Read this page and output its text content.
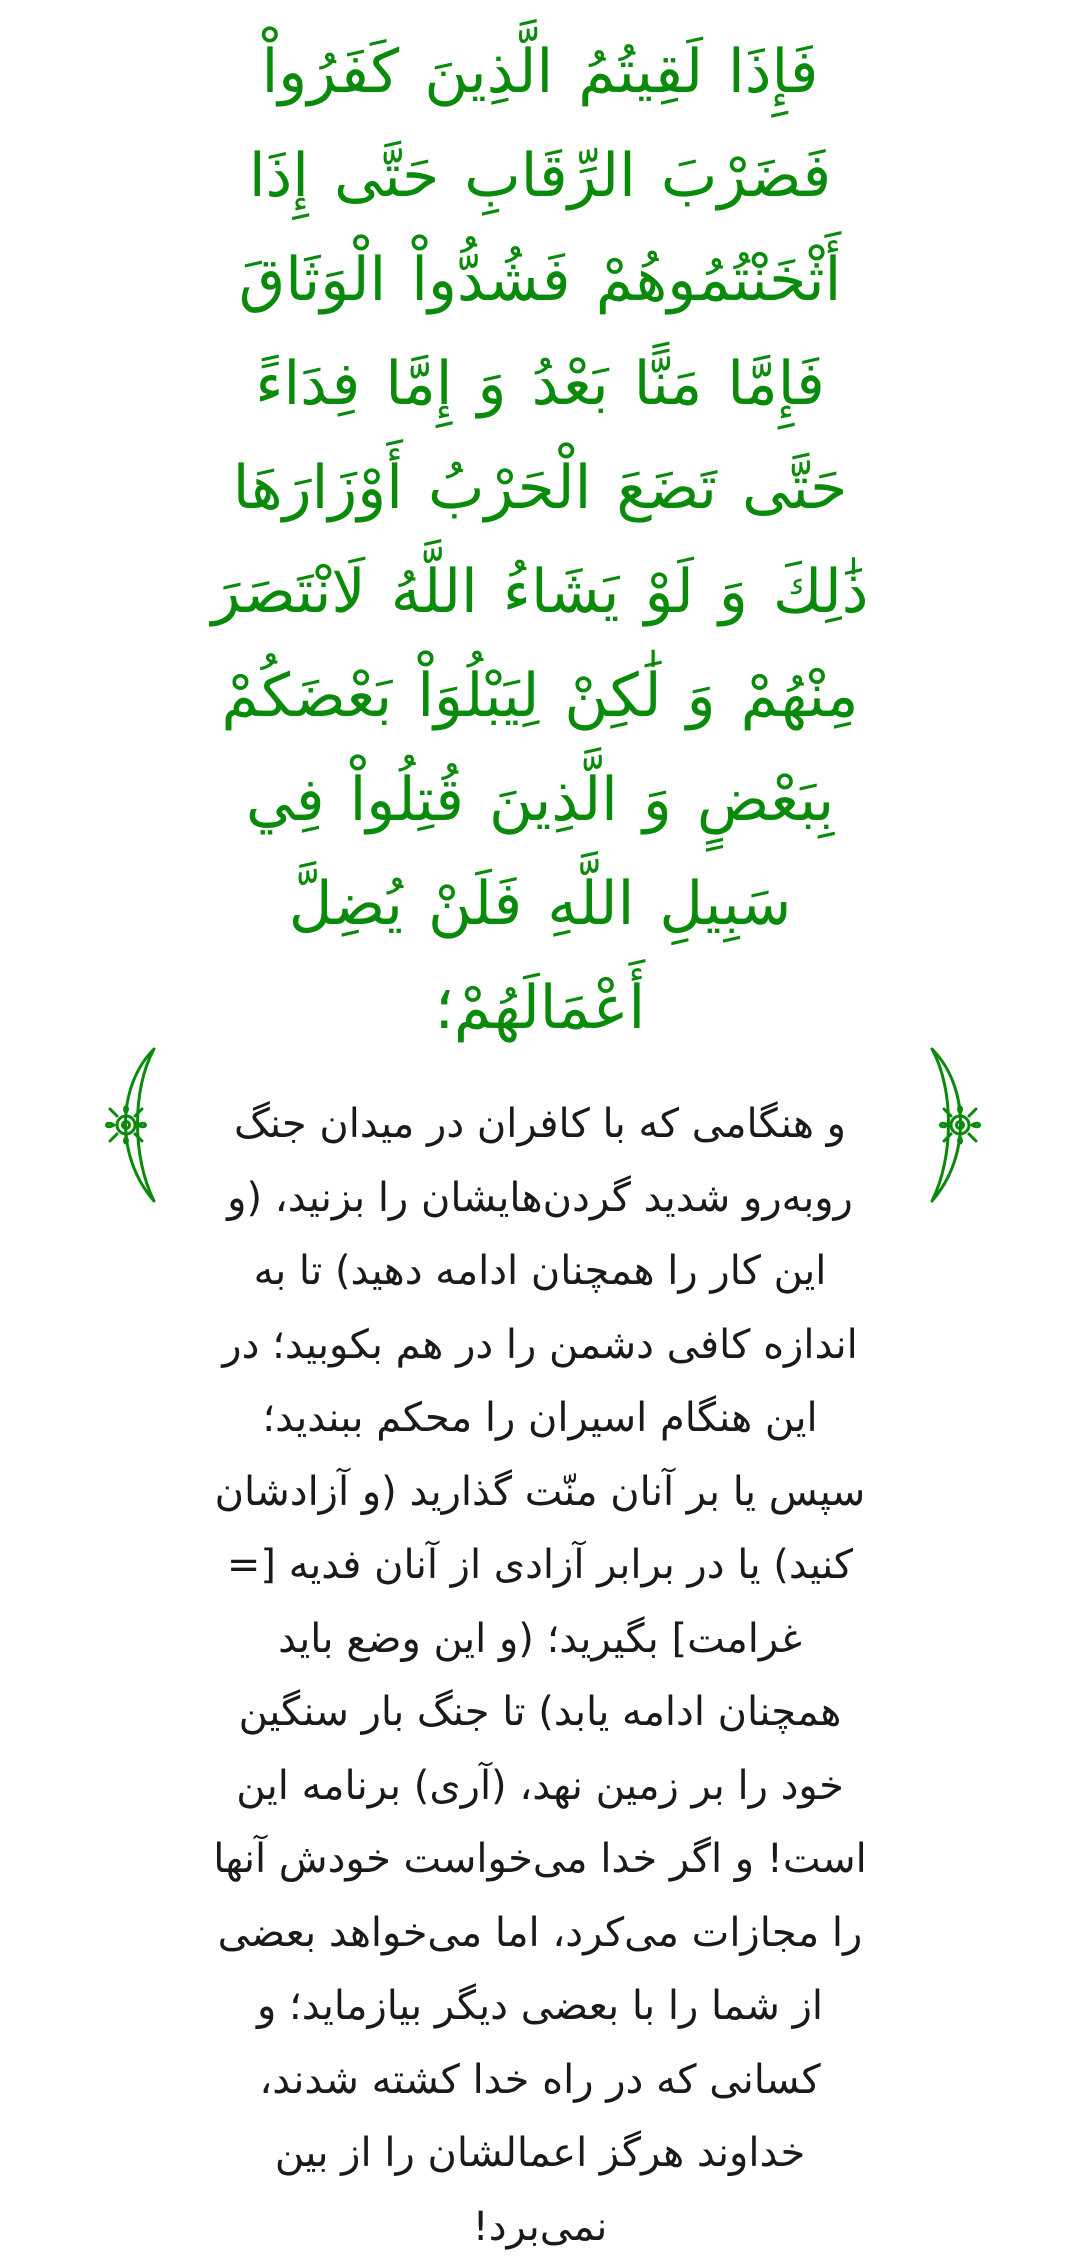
فَإِذَا لَقِيتُمُ الَّذِينَ كَفَرُواْ فَضَرْبَ الرِّقَابِ حَتَّى إِذَا أَثْخَنْتُمُوهُمْ فَشُدُّواْ الْوَثَاقَ فَإِمَّا مَنًّا بَعْدُ وَ إِمَّا فِدَاءً حَتَّى تَضَعَ الْحَرْبُ أَوْزَارَهَا ذَٰلِكَ وَ لَوْ يَشَاءُ اللَّهُ لَانْتَصَرَ مِنْهُمْ وَ لَٰكِنْ لِيَبْلُوَاْ بَعْضَكُمْ بِبَعْضٍ وَ الَّذِينَ قُتِلُواْ فِي سَبِيلِ اللَّهِ فَلَنْ يُضِلَّ أَعْمَالَهُمْ؛

و هنگامی که با کافران در میدان جنگ روبه‌رو شدید گردن‌هایشان را بزنید، (و این کار را همچنان ادامه دهید) تا به اندازه کافی دشمن را در هم بکوبید؛ در این هنگام اسیران را محکم ببندید؛ سپس یا بر آنان منّت گذارید (و آزادشان کنید) یا در برابر آزادی از آنان فدیه [= غرامت] بگیرید؛ (و این وضع باید همچنان ادامه یابد) تا جنگ بار سنگین خود را بر زمین نهد، (آری) برنامه این است! و اگر خدا می‌خواست خودش آنها را مجازات می‌کرد، اما می‌خواهد بعضی از شما را با بعضی دیگر بیازماید؛ و کسانی که در راه خدا کشته شدند، خداوند هرگز اعمالشان را از بین نمی‌برد!
